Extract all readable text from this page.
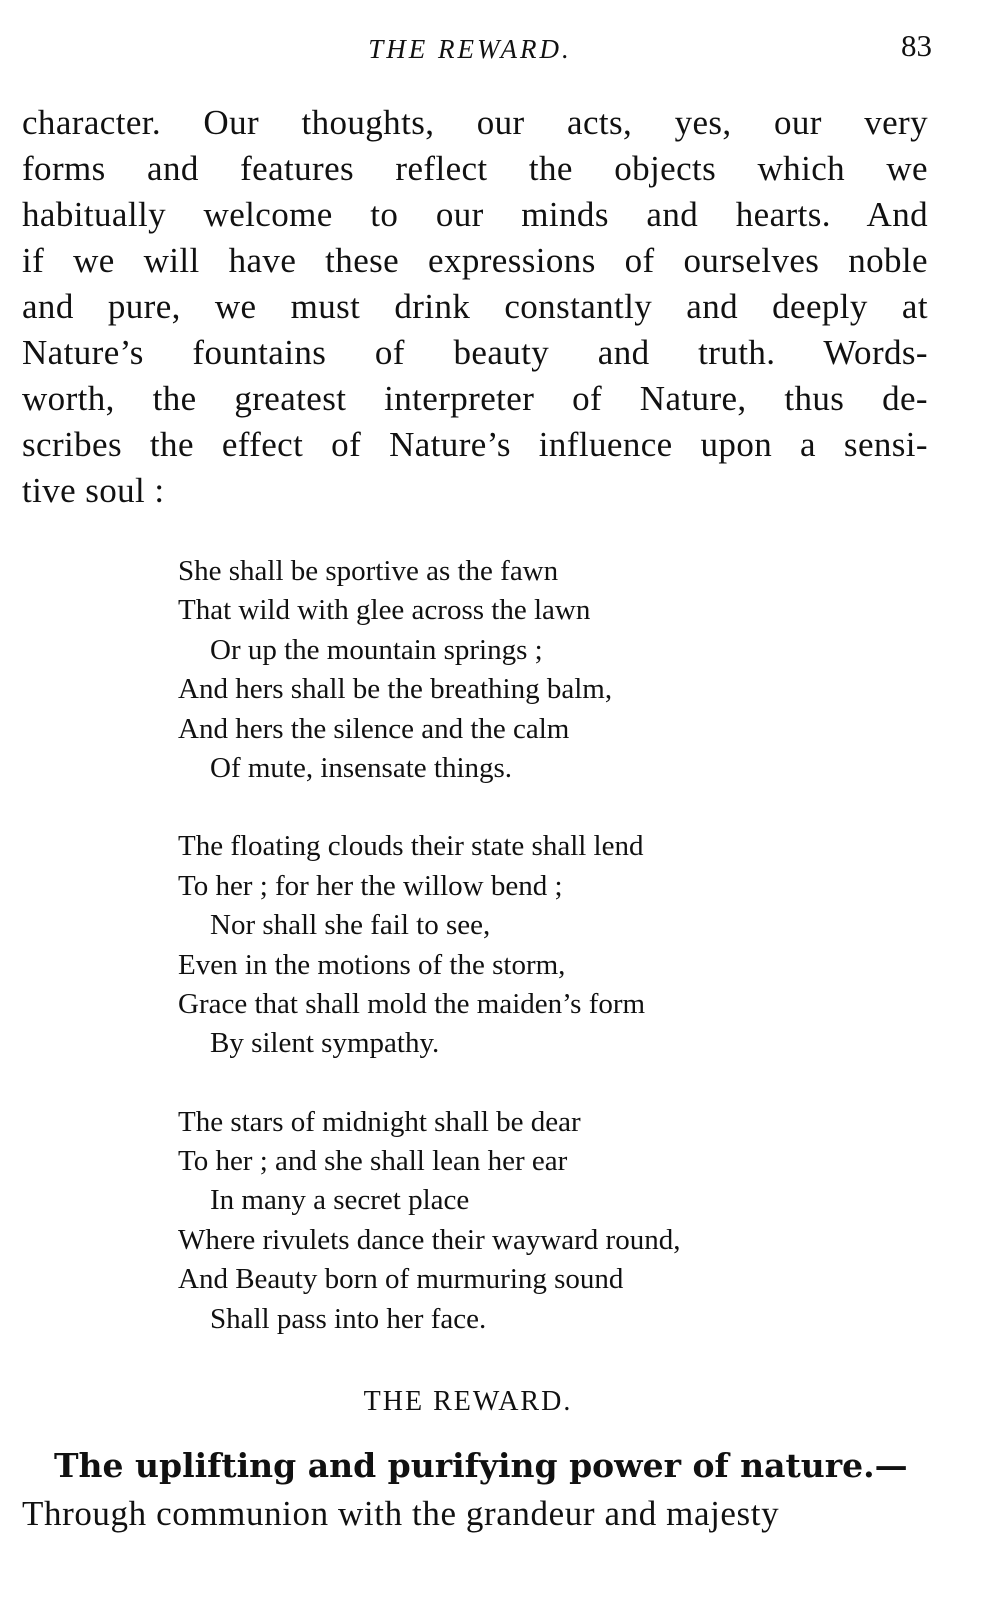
THE REWARD.	83
character. Our thoughts, our acts, yes, our very
forms and features reflect the objects which we
habitually welcome to our minds and hearts. And
if we will have these expressions of ourselves noble
and pure, we must drink constantly and deeply at
Nature’s fountains of beauty and truth. Words-
worth, the greatest interpreter of Nature, thus de-
scribes the effect of Nature’s influence upon a sensi-
tive soul :
She shall be sportive as the fawn
That wild with glee across the lawn
Or up the mountain springs ;
And hers shall be the breathing balm,
And hers the silence and the calm
Of mute, insensate things.
The floating clouds their state shall lend
To her ; for her the willow bend ;
Nor shall she fail to see,
Even in the motions of the storm,
Grace that shall mold the maiden’s form
By silent sympathy.
The stars of midnight shall be dear
To her ; and she shall lean her ear
In many a secret place
Where rivulets dance their wayward round,
And Beauty born of murmuring sound
Shall pass into her face.
THE REWARD.
The uplifting and purifying power of nature.—
Through communion with the grandeur and majesty
